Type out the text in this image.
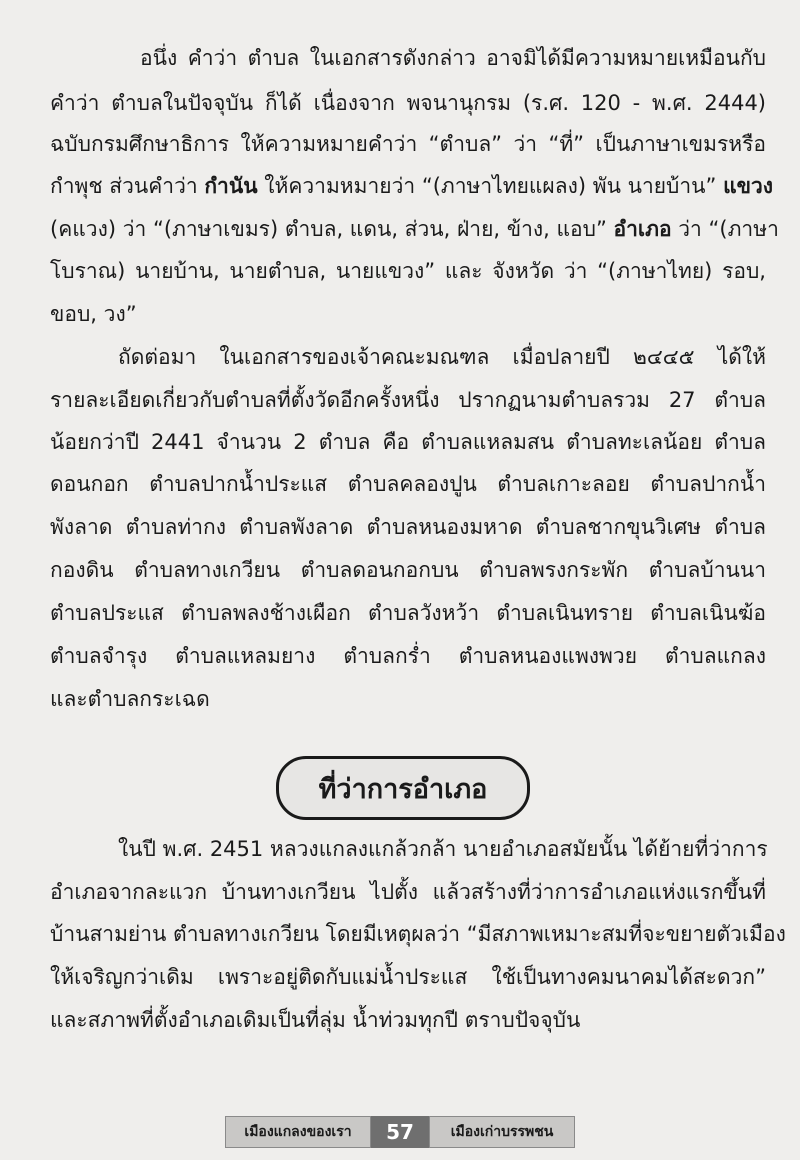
อนึ่ง คำว่า ตำบล ในเอกสารดังกล่าว อาจมิได้มีความหมายเหมือนกับ
คำว่า ตำบลในปัจจุบัน ก็ได้ เนื่องจาก พจนานุกรม (ร.ศ. 120 - พ.ศ. 2444)
ฉบับกรมศึกษาธิการ ให้ความหมายคำว่า “ตำบล” ว่า “ที่” เป็นภาษาเขมรหรือ
กำพุช ส่วนคำว่า กำนัน ให้ความหมายว่า “(ภาษาไทยแผลง) พัน นายบ้าน” แขวง
(คแวง) ว่า “(ภาษาเขมร) ตำบล, แดน, ส่วน, ฝ่าย, ข้าง, แอบ” อำเภอ ว่า “(ภาษา
โบราณ) นายบ้าน, นายตำบล, นายแขวง” และ จังหวัด ว่า “(ภาษาไทย) รอบ,
ขอบ, วง”
ถัดต่อมา ในเอกสารของเจ้าคณะมณฑล เมื่อปลายปี ๒๔๔๕ ได้ให้
รายละเอียดเกี่ยวกับตำบลที่ตั้งวัดอีกครั้งหนึ่ง ปรากฏนามตำบลรวม 27 ตำบล
น้อยกว่าปี 2441 จำนวน 2 ตำบล คือ ตำบลแหลมสน ตำบลทะเลน้อย ตำบล
ดอนกอก ตำบลปากน้ำประแส ตำบลคลองปูน ตำบลเกาะลอย ตำบลปากน้ำ
พังลาด ตำบลท่ากง ตำบลพังลาด ตำบลหนองมหาด ตำบลชากขุนวิเศษ ตำบล
กองดิน ตำบลทางเกวียน ตำบลดอนกอกบน ตำบลพรงกระพัก ตำบลบ้านนา
ตำบลประแส ตำบลพลงช้างเผือก ตำบลวังหว้า ตำบลเนินทราย ตำบลเนินฆ้อ
ตำบลจำรุง ตำบลแหลมยาง ตำบลกร่ำ ตำบลหนองแพงพวย ตำบลแกลง
และตำบลกระเฉด
ที่ว่าการอำเภอ
ในปี พ.ศ. 2451 หลวงแกลงแกล้วกล้า นายอำเภอสมัยนั้น ได้ย้ายที่ว่าการ
อำเภอจากละแวก บ้านทางเกวียน ไปตั้ง แล้วสร้างที่ว่าการอำเภอแห่งแรกขึ้นที่
บ้านสามย่าน ตำบลทางเกวียน โดยมีเหตุผลว่า “มีสภาพเหมาะสมที่จะขยายตัวเมือง
ให้เจริญกว่าเดิม เพราะอยู่ติดกับแม่น้ำประแส ใช้เป็นทางคมนาคมได้สะดวก”
และสภาพที่ตั้งอำเภอเดิมเป็นที่ลุ่ม น้ำท่วมทุกปี ตราบปัจจุบัน
เมืองแกลงของเรา	57	เมืองเก่าบรรพชน
